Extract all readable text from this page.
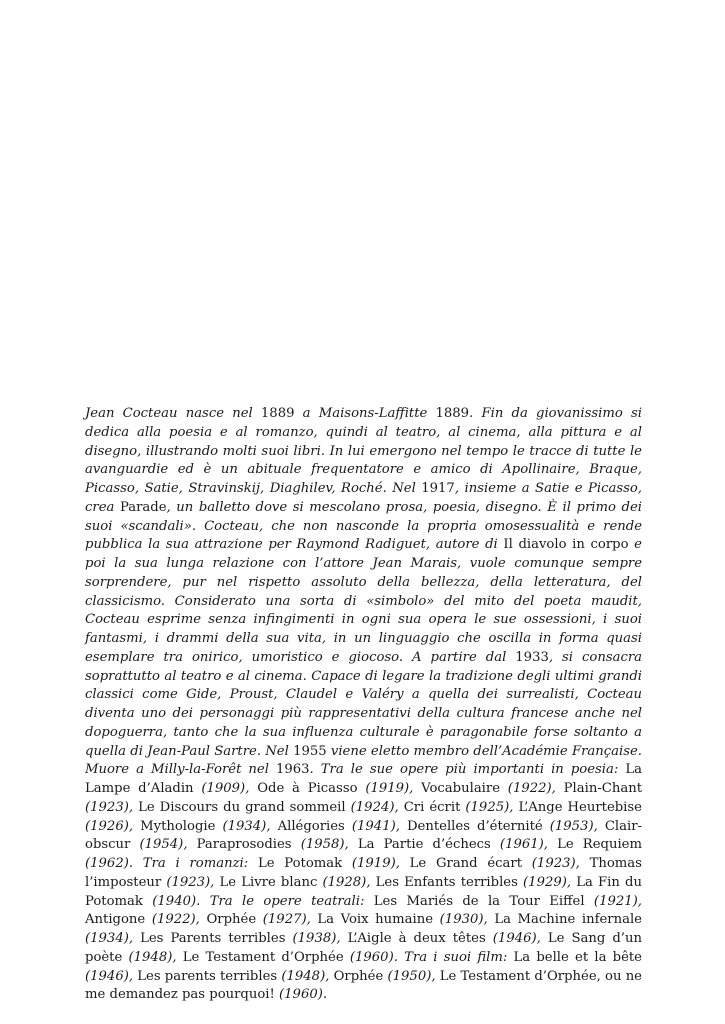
Jean Cocteau nasce nel 1889 a Maisons-Laffitte 1889. Fin da giovanissimo si dedica alla poesia e al romanzo, quindi al teatro, al cinema, alla pittura e al disegno, illustrando molti suoi libri. In lui emergono nel tempo le tracce di tutte le avanguardie ed è un abituale frequentatore e amico di Apollinaire, Braque, Picasso, Satie, Stravinskij, Diaghilev, Roché. Nel 1917, insieme a Satie e Picasso, crea Parade, un balletto dove si mescolano prosa, poesia, disegno. È il primo dei suoi «scandali». Cocteau, che non nasconde la propria omosessualità e rende pubblica la sua attrazione per Raymond Radiguet, autore di Il diavolo in corpo e poi la sua lunga relazione con l’attore Jean Marais, vuole comunque sempre sorprendere, pur nel rispetto assoluto della bellezza, della letteratura, del classicismo. Considerato una sorta di «simbolo» del mito del poeta maudit, Cocteau esprime senza infingimenti in ogni sua opera le sue ossessioni, i suoi fantasmi, i drammi della sua vita, in un linguaggio che oscilla in forma quasi esemplare tra onirico, umoristico e giocoso. A partire dal 1933, si consacra soprattutto al teatro e al cinema. Capace di legare la tradizione degli ultimi grandi classici come Gide, Proust, Claudel e Valéry a quella dei surrealisti, Cocteau diventa uno dei personaggi più rappresentativi della cultura francese anche nel dopoguerra, tanto che la sua influenza culturale è paragonabile forse soltanto a quella di Jean-Paul Sartre. Nel 1955 viene eletto membro dell’Académie Française. Muore a Milly-la-Forêt nel 1963. Tra le sue opere più importanti in poesia: La Lampe d’Aladin (1909), Ode à Picasso (1919), Vocabulaire (1922), Plain-Chant (1923), Le Discours du grand sommeil (1924), Cri écrit (1925), L’Ange Heurtebise (1926), Mythologie (1934), Allégories (1941), Dentelles d’éternité (1953), Clair-obscur (1954), Paraprosodies (1958), La Partie d’échecs (1961), Le Requiem (1962). Tra i romanzi: Le Potomak (1919), Le Grand écart (1923), Thomas l’imposteur (1923), Le Livre blanc (1928), Les Enfants terribles (1929), La Fin du Potomak (1940). Tra le opere teatrali: Les Mariés de la Tour Eiffel (1921), Antigone (1922), Orphée (1927), La Voix humaine (1930), La Machine infernale (1934), Les Parents terribles (1938), L’Aigle à deux têtes (1946), Le Sang d’un poète (1948), Le Testament d’Orphée (1960). Tra i suoi film: La belle et la bête (1946), Les parents terribles (1948), Orphée (1950), Le Testament d’Orphée, ou ne me demandez pas pourquoi! (1960).
